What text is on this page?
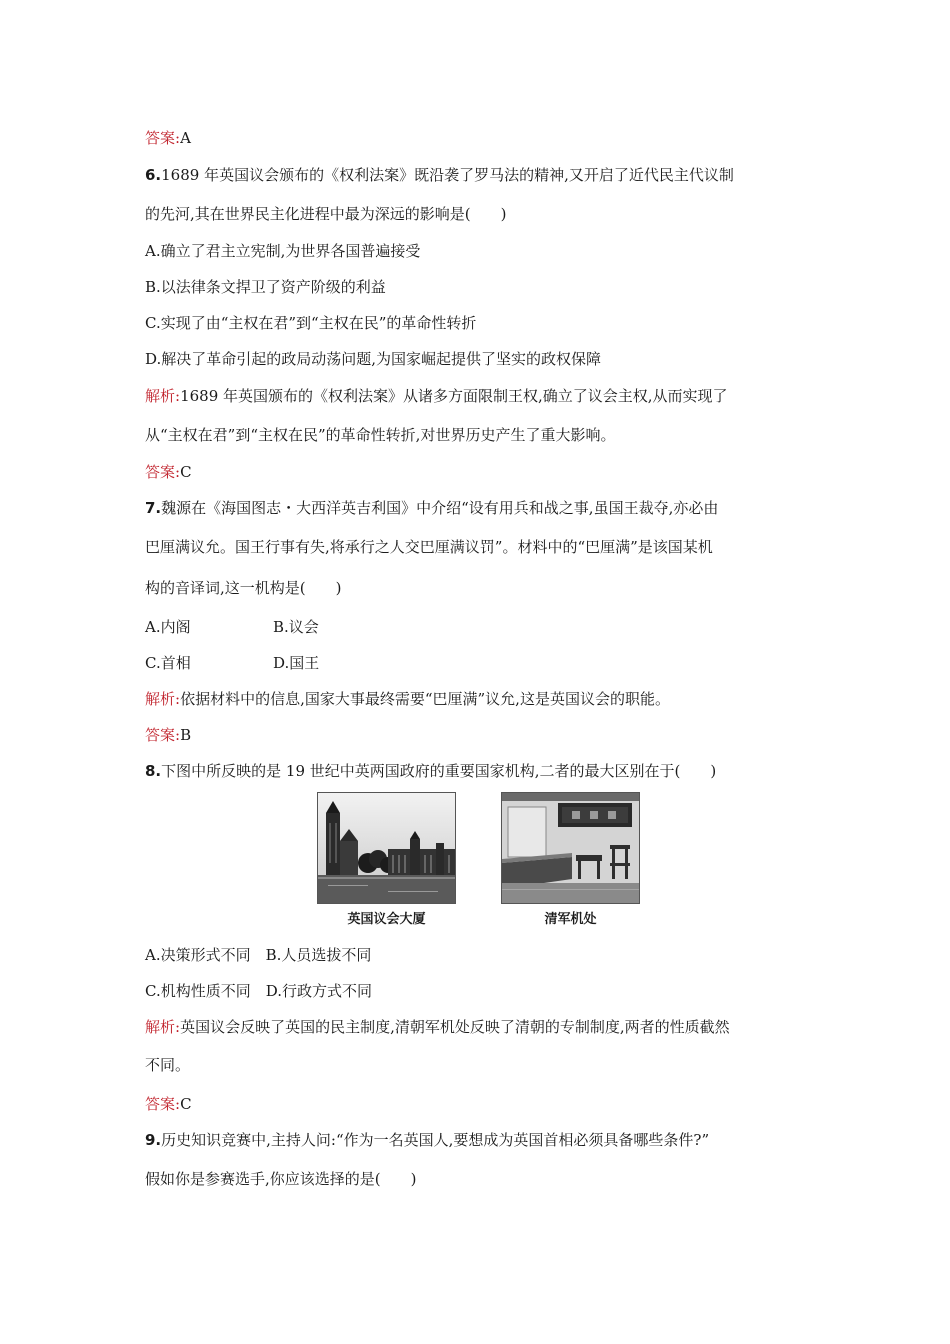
答案:A
6.1689 年英国议会颁布的《权利法案》既沿袭了罗马法的精神,又开启了近代民主代议制
的先河,其在世界民主化进程中最为深远的影响是(　　)
A.确立了君主立宪制,为世界各国普遍接受
B.以法律条文捍卫了资产阶级的利益
C.实现了由“主权在君”到“主权在民”的革命性转折
D.解决了革命引起的政局动荡问题,为国家崛起提供了坚实的政权保障
解析:1689 年英国颁布的《权利法案》从诸多方面限制王权,确立了议会主权,从而实现了
从“主权在君”到“主权在民”的革命性转折,对世界历史产生了重大影响。
答案:C
7.魏源在《海国图志・大西洋英吉利国》中介绍“设有用兵和战之事,虽国王裁夺,亦必由
巴厘满议允。国王行事有失,将承行之人交巴厘满议罚”。材料中的“巴厘满”是该国某机
构的音译词,这一机构是(　　)
A.内阁	B.议会
C.首相	D.国王
解析:依据材料中的信息,国家大事最终需要“巴厘满”议允,这是英国议会的职能。
答案:B
8.下图中所反映的是 19 世纪中英两国政府的重要国家机构,二者的最大区别在于(　　)
英国议会大厦	清军机处
A.决策形式不同　B.人员选拔不同
C.机构性质不同　D.行政方式不同
解析:英国议会反映了英国的民主制度,清朝军机处反映了清朝的专制制度,两者的性质截然
不同。
答案:C
9.历史知识竞赛中,主持人问:“作为一名英国人,要想成为英国首相必须具备哪些条件?”
假如你是参赛选手,你应该选择的是(　　)
